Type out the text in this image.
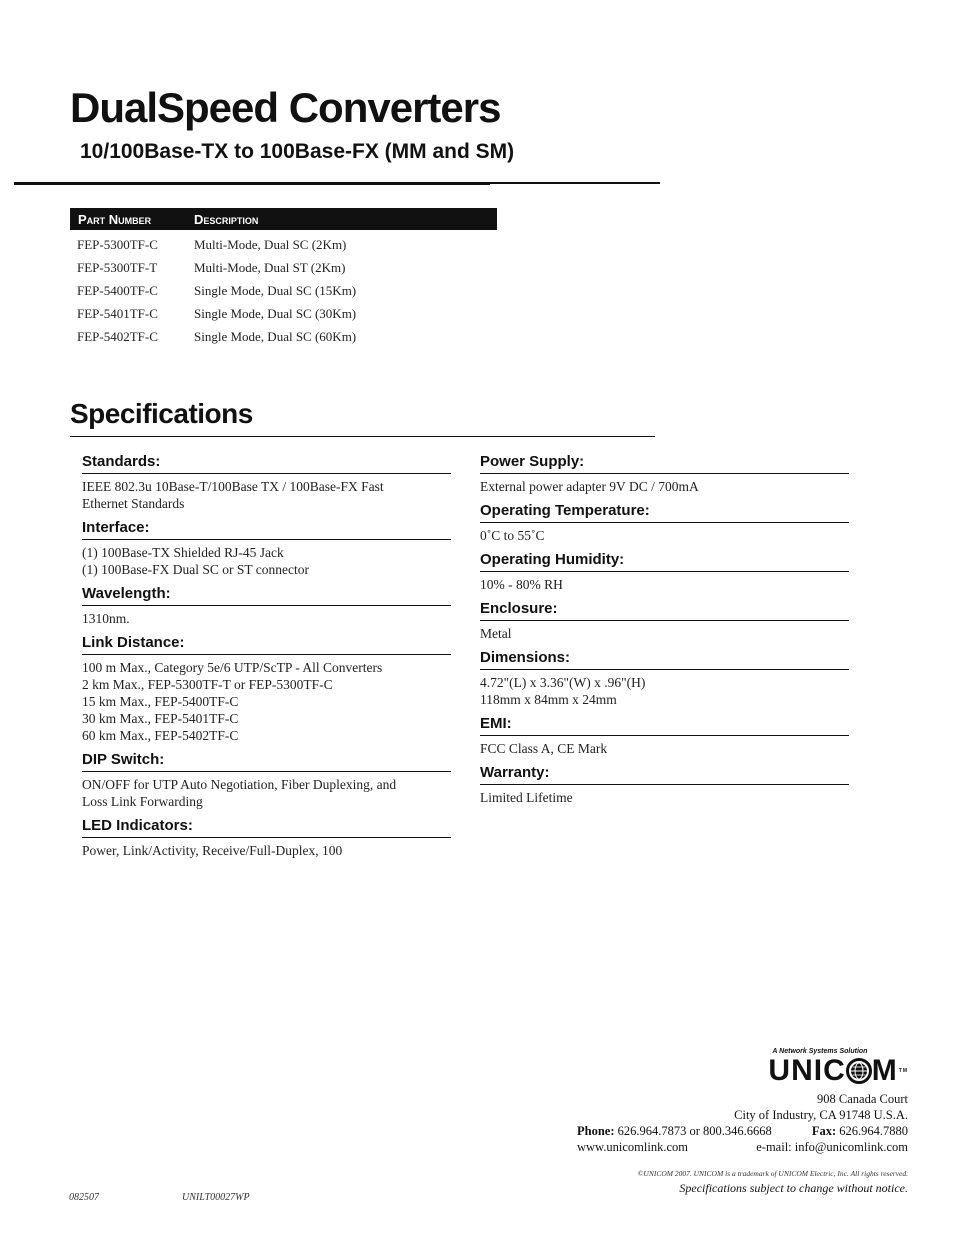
DualSpeed Converters
10/100Base-TX to 100Base-FX (MM and SM)
Part Number	Description
FEP-5300TF-C	Multi-Mode, Dual SC (2Km)
FEP-5300TF-T	Multi-Mode, Dual ST (2Km)
FEP-5400TF-C	Single Mode, Dual SC (15Km)
FEP-5401TF-C	Single Mode, Dual SC (30Km)
FEP-5402TF-C	Single Mode, Dual SC (60Km)
Specifications
Standards:
IEEE 802.3u 10Base-T/100Base TX / 100Base-FX Fast
Ethernet Standards
Interface:
(1) 100Base-TX Shielded RJ-45 Jack
(1) 100Base-FX Dual SC or ST connector
Wavelength:
1310nm.
Link Distance:
100 m Max., Category 5e/6 UTP/ScTP - All Converters
2 km Max., FEP-5300TF-T or FEP-5300TF-C
15 km Max., FEP-5400TF-C
30 km Max., FEP-5401TF-C
60 km Max., FEP-5402TF-C
DIP Switch:
ON/OFF for UTP Auto Negotiation, Fiber Duplexing, and
Loss Link Forwarding
LED Indicators:
Power, Link/Activity, Receive/Full-Duplex, 100
Power Supply:
External power adapter 9V DC / 700mA
Operating Temperature:
0˚C to 55˚C
Operating Humidity:
10% - 80% RH
Enclosure:
Metal
Dimensions:
4.72"(L) x 3.36"(W) x .96"(H)
118mm x 84mm x 24mm
EMI:
FCC Class A, CE Mark
Warranty:
Limited Lifetime
A Network Systems Solution
UNIC M TM
908 Canada Court
City of Industry, CA 91748 U.S.A.
Phone: 626.964.7873 or 800.346.6668	Fax: 626.964.7880
www.unicomlink.com	e-mail: info@unicomlink.com
©UNICOM 2007. UNICOM is a trademark of UNICOM Electric, Inc. All rights reserved.
Specifications subject to change without notice.
082507	UNILT00027WP
